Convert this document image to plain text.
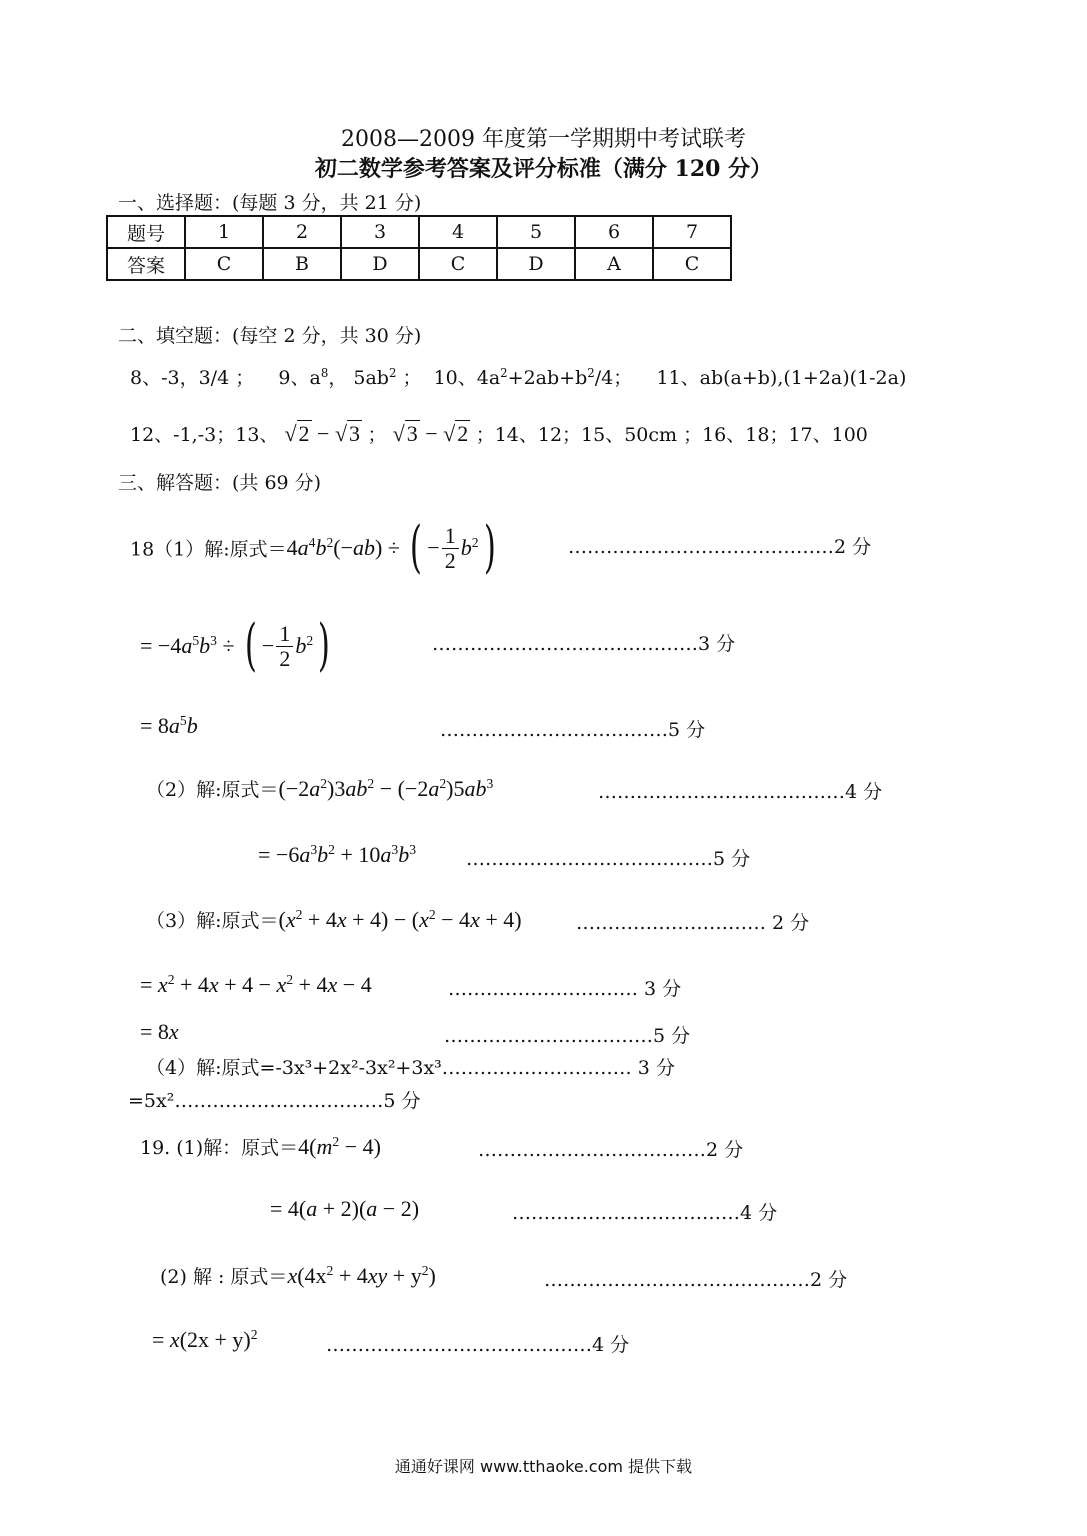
2008—2009 年度第一学期期中考试联考
初二数学参考答案及评分标准（满分 120 分）
一、选择题：(每题 3 分，共 21 分)
题号	1	2	3	4	5	6	7
答案	C	B	D	C	D	A	C
二、填空题：(每空 2 分，共 30 分)
8、-3，3/4 ； 9、$a^8$， $5ab^2$ ； 10、$4a^2+2ab+b^2/4$； 11、ab(a+b),(1+2a)(1-2a)
12、-1,-3；13、 √2 − √3 ； √3 − √2 ；14、12；15、50cm ；16、18；17、100
三、解答题：(共 69 分)
18（1）解:原式$=4a^4b^2(-ab)$ ÷ ( − $\frac{1}{2} b^2$)	……………………………………2 分
= $-4a^5b^3$ ÷ ( − $\frac{1}{2} b^2$)	……………………………………3 分
= $8a^5b$	………………………………5 分
（2）解:原式$=(-2a^2)3ab^2 - (-2a^2)5ab^3$	…………………………………4 分
= $-6a^3b^2 + 10a^3b^3$	…………………………………5 分
（3）解:原式$=(x^2 + 4x + 4) - (x^2 - 4x + 4)$	………………………… 2 分
= $x^2 + 4x + 4 - x^2 + 4x - 4$	………………………… 3 分
= 8x	……………………………5 分
（4）解:原式=-3x³+2x²-3x²+3x³………………………… 3 分
=5x²……………………………5 分
19. (1)解：原式$=4(m^2 - 4)$	………………………………2 分
= 4(a + 2)(a − 2)	………………………………4 分
(2) 解 : 原式$=x(4x^2 + 4xy + y^2)$	……………………………………2 分
= $x(2x + y)^2$	……………………………………4 分
通通好课网 www.tthaoke.com 提供下载
